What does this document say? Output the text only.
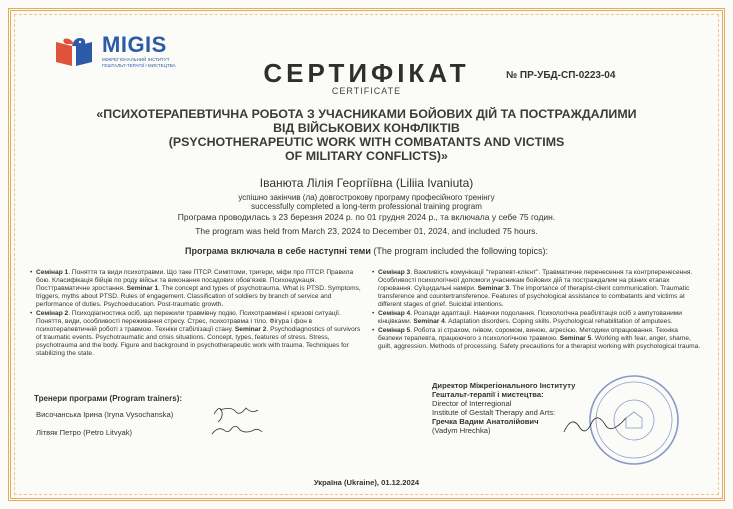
MIGIS
МІЖРЕГІОНАЛЬНИЙ ІНСТИТУТ ГЕШТАЛЬТ-ТЕРАПІЇ І МИСТЕЦТВА	СЕРТИФІКАТ
CERTIFICATE
№ ПР-УБД-СП-0223-04
«ПСИХОТЕРАПЕВТИЧНА РОБОТА З УЧАСНИКАМИ БОЙОВИХ ДІЙ ТА ПОСТРАЖДАЛИМИ
ВІД ВІЙСЬКОВИХ КОНФЛІКТІВ
(PSYCHOTHERAPEUTIC WORK WITH COMBATANTS AND VICTIMS
OF MILITARY CONFLICTS)»
Іванюта Лілія Георгіївна (Liliia Ivaniuta)
успішно закінчив (ла) довгострокову програму професійного тренінгу
successfully completed a long-term professional training program
Програма проводилась з 23 березня 2024 р. по 01 грудня 2024 р., та включала у себе 75 годин.
The program was held from March 23, 2024 to December 01, 2024, and included 75 hours.
Програма включала в себе наступні теми (The program included the following topics):
• Семінар 1. Поняття та види психотравми. Що таке ПТСР. Симптоми, тригери, міфи про ПТСР. Правила бою. Класифікація бійців по роду військ та виконання посадових обов'язків. Психоедукація. Посттравматичне зростання. Seminar 1. The concept and types of psychotrauma. What is PTSD. Symptoms, triggers, myths about PTSD. Rules of engagement. Classification of soldiers by branch of service and performance of duties. Psychoeducation. Post-traumatic growth.
• Семінар 2. Психодіагностика осіб, що пережили травмівну подію. Психотравмівні і кризові ситуації. Поняття, види, особливості переживання стресу. Стрес, психотравма і тіло. Фігура і фон в психотерапевтичній роботі з травмою. Техніки стабілізації стану. Seminar 2. Psychodiagnostics of survivors of traumatic events. Psychotraumatic and crisis situations. Concept, types, features of stress. Stress, psychotrauma and the body. Figure and background in psychotherapeutic work with trauma. Techniques for stabilizing the state.
• Семінар 3. Важливість комунікації "терапевт-клієнт". Травматичне перенесення та контрперенесення. Особливості психологічної допомоги учасникам бойових дій та постраждалим на різних етапах горювання. Суїцидальні наміри. Seminar 3. The importance of therapist-client communication. Traumatic transference and countertransference. Features of psychological assistance to combatants and victims at different stages of grief. Suicidal intentions.
• Семінар 4. Розлади адаптації. Навички подолання. Психологічна реабілітація осіб з ампутованими кінцівками. Seminar 4. Adaptation disorders. Coping skills. Psychological rehabilitation of amputees.
• Семінар 5. Робота зі страхом, гнівом, соромом, виною, агресією. Методики опрацювання. Техніка безпеки терапевта, працюючого з психологічною травмою. Seminar 5. Working with fear, anger, shame, guilt, aggression. Methods of processing. Safety precautions for a therapist working with psychological trauma.
Тренери програми (Program trainers):
Височанська Ірина (Iryna Vysochanska)
Літвяк Петро (Petro Litvyak)
Директор Міжрегіонального Інституту
Гештальт-терапії і мистецтва:
Director of Interregional
Institute of Gestalt Therapy and Arts:
Гречка Вадим Анатолійович
(Vadym Hrechka)
Україна (Ukraine), 01.12.2024
